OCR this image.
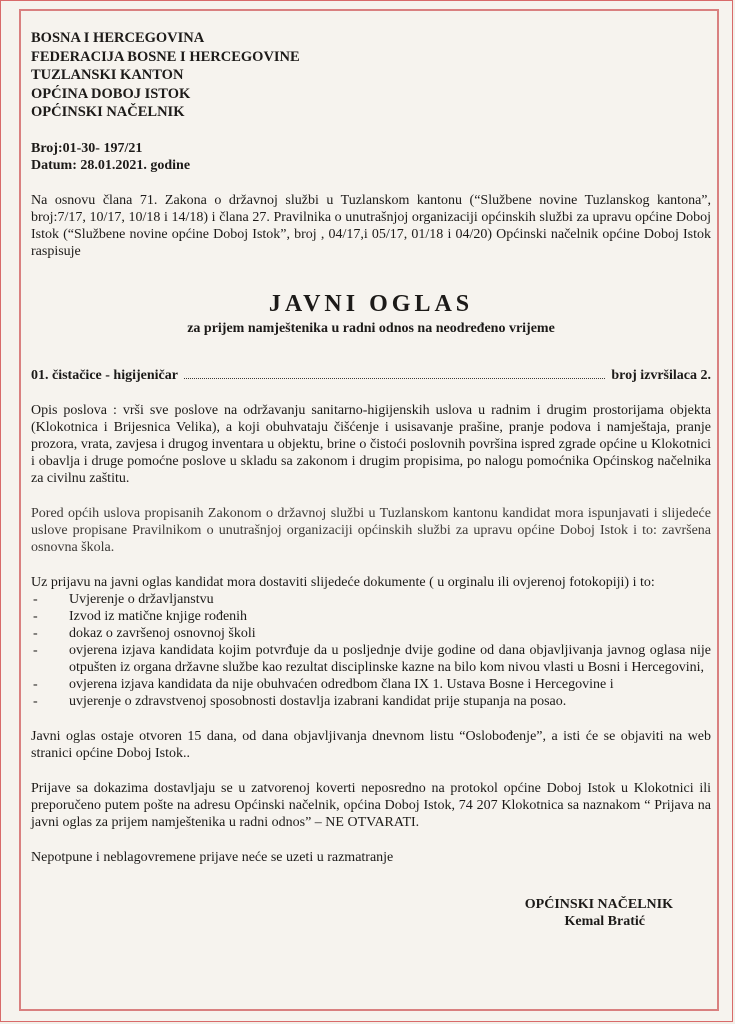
BOSNA I HERCEGOVINA
FEDERACIJA BOSNE I HERCEGOVINE
TUZLANSKI KANTON
OPĆINA DOBOJ ISTOK
OPĆINSKI NAČELNIK
Broj:01-30- 197/21
Datum: 28.01.2021. godine
Na osnovu člana 71. Zakona o državnoj službi u Tuzlanskom kantonu (“Službene novine Tuzlanskog kantona”, broj:7/17, 10/17, 10/18 i 14/18) i člana 27. Pravilnika o unutrašnjoj organizaciji općinskih službi za upravu općine Doboj Istok (“Službene novine općine Doboj Istok”, broj , 04/17,i 05/17, 01/18 i 04/20) Općinski načelnik općine Doboj Istok raspisuje
JAVNI OGLAS
za prijem namještenika u radni odnos na neodređeno vrijeme
01. čistačice - higijeničar	broj izvršilaca 2.
Opis poslova : vrši sve poslove na održavanju sanitarno-higijenskih uslova u radnim i drugim prostorijama objekta (Klokotnica i Brijesnica Velika), a koji obuhvataju čišćenje i usisavanje prašine, pranje podova i namještaja, pranje prozora, vrata, zavjesa i drugog inventara u objektu, brine o čistoći poslovnih površina ispred zgrade općine u Klokotnici i obavlja i druge pomoćne poslove u skladu sa zakonom i drugim propisima, po nalogu pomoćnika Općinskog načelnika za civilnu zaštitu.
Pored općih uslova propisanih Zakonom o državnoj službi u Tuzlanskom kantonu kandidat mora ispunjavati i slijedeće uslove propisane Pravilnikom o unutrašnjoj organizaciji općinskih službi za upravu općine Doboj Istok i to: završena osnovna škola.
Uz prijavu na javni oglas kandidat mora dostaviti slijedeće dokumente ( u orginalu ili ovjerenoj fotokopiji) i to:
- Uvjerenje o državljanstvu
- Izvod iz matične knjige rođenih
- dokaz o završenoj osnovnoj školi
- ovjerena izjava kandidata kojim potvrđuje da u posljednje dvije godine od dana objavljivanja javnog oglasa nije otpušten iz organa državne službe kao rezultat disciplinske kazne na bilo kom nivou vlasti u Bosni i Hercegovini,
- ovjerena izjava kandidata da nije obuhvaćen odredbom člana IX 1. Ustava Bosne i Hercegovine i
- uvjerenje o zdravstvenoj sposobnosti dostavlja izabrani kandidat prije stupanja na posao.
Javni oglas ostaje otvoren 15 dana, od dana objavljivanja dnevnom listu “Oslobođenje”, a isti će se objaviti na web stranici općine Doboj Istok..
Prijave sa dokazima dostavljaju se u zatvorenoj koverti neposredno na protokol općine Doboj Istok u Klokotnici ili preporučeno putem pošte na adresu Općinski načelnik, općina Doboj Istok, 74 207 Klokotnica sa naznakom “ Prijava na javni oglas za prijem namještenika u radni odnos” – NE OTVARATI.
Nepotpune i neblagovremene prijave neće se uzeti u razmatranje
OPĆINSKI NAČELNIK
Kemal Bratić
